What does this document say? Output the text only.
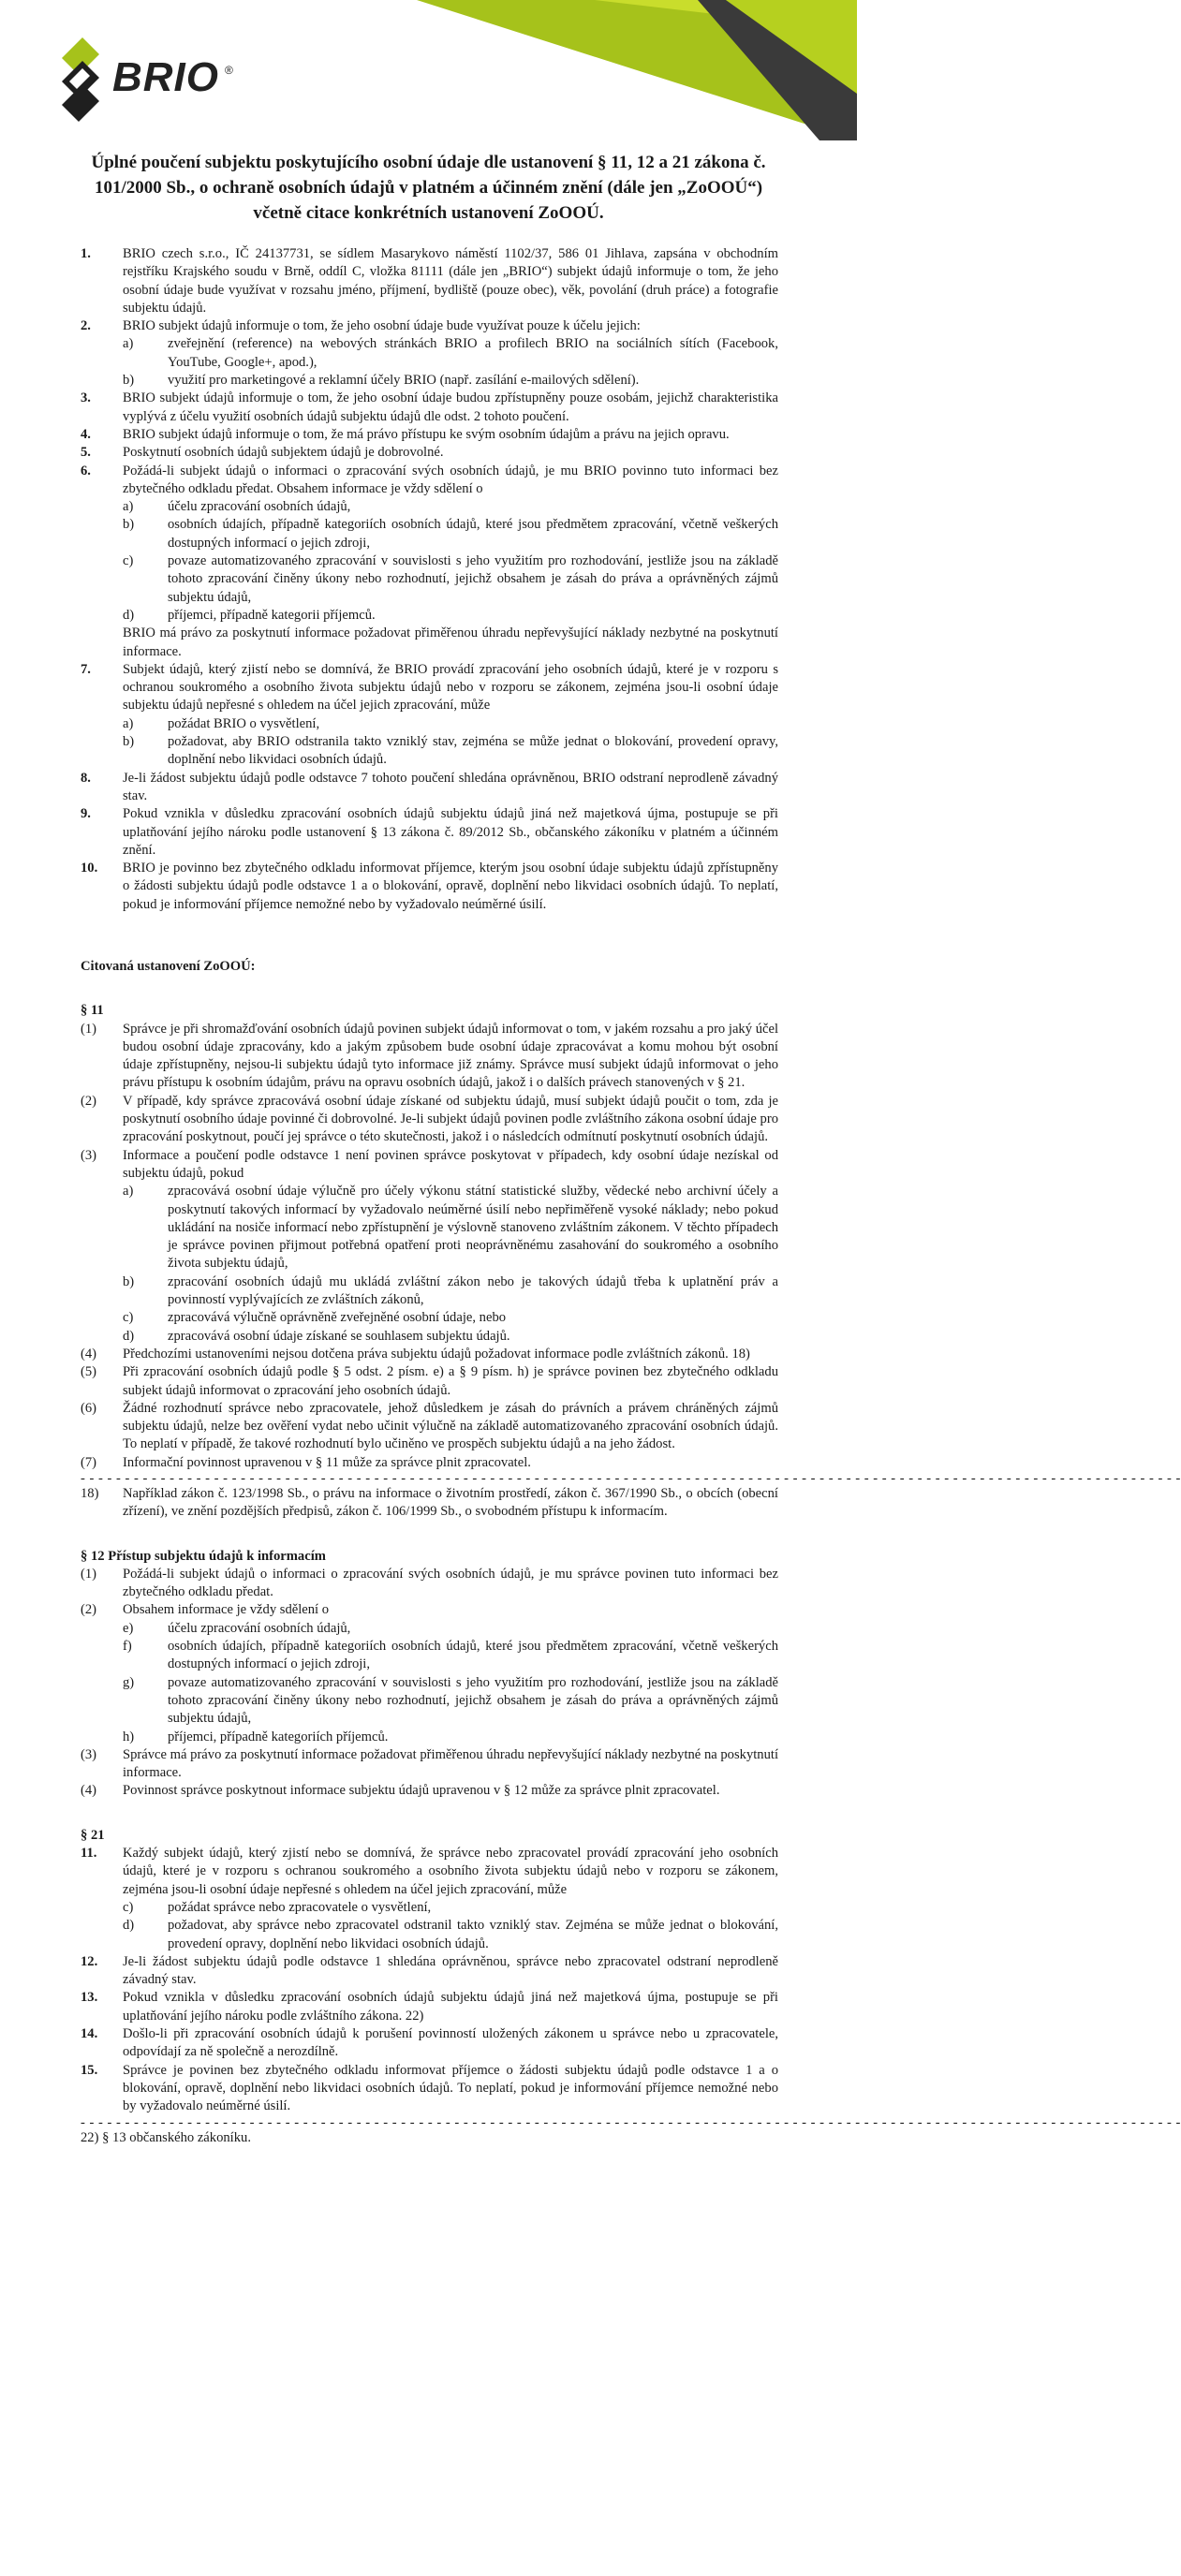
BRIO ®
Úplné poučení subjektu poskytujícího osobní údaje dle ustanovení § 11, 12 a 21 zákona č. 101/2000 Sb., o ochraně osobních údajů v platném a účinném znění (dále jen „ZoOOÚ“) včetně citace konkrétních ustanovení ZoOOÚ.
1. BRIO czech s.r.o., IČ 24137731, se sídlem Masarykovo náměstí 1102/37, 586 01 Jihlava, zapsána v obchodním rejstříku Krajského soudu v Brně, oddíl C, vložka 81111 (dále jen „BRIO“) subjekt údajů informuje o tom, že jeho osobní údaje bude využívat v rozsahu jméno, příjmení, bydliště (pouze obec), věk, povolání (druh práce) a fotografie subjektu údajů.
2. BRIO subjekt údajů informuje o tom, že jeho osobní údaje bude využívat pouze k účelu jejich:
a)	zveřejnění (reference) na webových stránkách BRIO a profilech BRIO na sociálních sítích (Facebook, YouTube, Google+, apod.),
b) využití pro marketingové a reklamní účely BRIO (např. zasílání e-mailových sdělení).
3. BRIO subjekt údajů informuje o tom, že jeho osobní údaje budou zpřístupněny pouze osobám, jejichž charakteristika vyplývá z účelu využití osobních údajů subjektu údajů dle odst. 2 tohoto poučení.
4. BRIO subjekt údajů informuje o tom, že má právo přístupu ke svým osobním údajům a právu na jejich opravu.
5. Poskytnutí osobních údajů subjektem údajů je dobrovolné.
6. Požádá-li subjekt údajů o informaci o zpracování svých osobních údajů, je mu BRIO povinno tuto informaci bez zbytečného odkladu předat. Obsahem informace je vždy sdělení o
a)	účelu zpracování osobních údajů,
b) osobních údajích, případně kategoriích osobních údajů, které jsou předmětem zpracování, včetně veškerých dostupných informací o jejich zdroji,
c)	povaze automatizovaného zpracování v souvislosti s jeho využitím pro rozhodování, jestliže jsou na základě tohoto zpracování činěny úkony nebo rozhodnutí, jejichž obsahem je zásah do práva a oprávněných zájmů subjektu údajů,
d) příjemci, případně kategorii příjemců.
BRIO má právo za poskytnutí informace požadovat přiměřenou úhradu nepřevyšující náklady nezbytné na poskytnutí informace.
7. Subjekt údajů, který zjistí nebo se domnívá, že BRIO provádí zpracování jeho osobních údajů, které je v rozporu s ochranou soukromého a osobního života subjektu údajů nebo v rozporu se zákonem, zejména jsou-li osobní údaje subjektu údajů nepřesné s ohledem na účel jejich zpracování, může
a)	požádat BRIO o vysvětlení,
b) požadovat, aby BRIO odstranila takto vzniklý stav, zejména se může jednat o blokování, provedení opravy, doplnění nebo likvidaci osobních údajů.
8. Je-li žádost subjektu údajů podle odstavce 7 tohoto poučení shledána oprávněnou, BRIO odstraní neprodleně závadný stav.
9. Pokud vznikla v důsledku zpracování osobních údajů subjektu údajů jiná než majetková újma, postupuje se při uplatňování jejího nároku podle ustanovení § 13 zákona č. 89/2012 Sb., občanského zákoníku v platném a účinném znění.
10. BRIO je povinno bez zbytečného odkladu informovat příjemce, kterým jsou osobní údaje subjektu údajů zpřístupněny o žádosti subjektu údajů podle odstavce 1 a o blokování, opravě, doplnění nebo likvidaci osobních údajů. To neplatí, pokud je informování příjemce nemožné nebo by vyžadovalo neúměrné úsilí.
Citovaná ustanovení ZoOOÚ:
§ 11
(1) Správce je při shromažďování osobních údajů povinen subjekt údajů informovat o tom, v jakém rozsahu a pro jaký účel budou osobní údaje zpracovány, kdo a jakým způsobem bude osobní údaje zpracovávat a komu mohou být osobní údaje zpřístupněny, nejsou-li subjektu údajů tyto informace již známy. Správce musí subjekt údajů informovat o jeho právu přístupu k osobním údajům, právu na opravu osobních údajů, jakož i o dalších právech stanovených v § 21.
(2) V případě, kdy správce zpracovává osobní údaje získané od subjektu údajů, musí subjekt údajů poučit o tom, zda je poskytnutí osobního údaje povinné či dobrovolné. Je-li subjekt údajů povinen podle zvláštního zákona osobní údaje pro zpracování poskytnout, poučí jej správce o této skutečnosti, jakož i o následcích odmítnutí poskytnutí osobních údajů.
(3) Informace a poučení podle odstavce 1 není povinen správce poskytovat v případech, kdy osobní údaje nezískal od subjektu údajů, pokud
a)	zpracovává osobní údaje výlučně pro účely výkonu státní statistické služby, vědecké nebo archivní účely a poskytnutí takových informací by vyžadovalo neúměrné úsilí nebo nepřiměřeně vysoké náklady; nebo pokud ukládání na nosiče informací nebo zpřístupnění je výslovně stanoveno zvláštním zákonem. V těchto případech je správce povinen přijmout potřebná opatření proti neoprávněnému zasahování do soukromého a osobního života subjektu údajů,
b) zpracování osobních údajů mu ukládá zvláštní zákon nebo je takových údajů třeba k uplatnění práv a povinností vyplývajících ze zvláštních zákonů,
c)	zpracovává výlučně oprávněně zveřejněné osobní údaje, nebo
d) zpracovává osobní údaje získané se souhlasem subjektu údajů.
(4) Předchozími ustanoveními nejsou dotčena práva subjektu údajů požadovat informace podle zvláštních zákonů. 18)
(5) Při zpracování osobních údajů podle § 5 odst. 2 písm. e) a § 9 písm. h) je správce povinen bez zbytečného odkladu subjekt údajů informovat o zpracování jeho osobních údajů.
(6) Žádné rozhodnutí správce nebo zpracovatele, jehož důsledkem je zásah do právních a právem chráněných zájmů subjektu údajů, nelze bez ověření vydat nebo učinit výlučně na základě automatizovaného zpracování osobních údajů. To neplatí v případě, že takové rozhodnutí bylo učiněno ve prospěch subjektu údajů a na jeho žádost.
(7) Informační povinnost upravenou v § 11 může za správce plnit zpracovatel.
- - - - - - - - - - - - - - - - - - - - - - - - - - - - - - - - - - - - - - - - - - - - - - - - - - - - - - - - - - - - - - - - - - - - - - - - - - - - - - - - - - - - - - - - - - - - - - - - - - - - - - - - - - - - - - - - - - - - - - - - - - - -
18) Například zákon č. 123/1998 Sb., o právu na informace o životním prostředí, zákon č. 367/1990 Sb., o obcích (obecní zřízení), ve znění pozdějších předpisů, zákon č. 106/1999 Sb., o svobodném přístupu k informacím.
§ 12 Přístup subjektu údajů k informacím
(1) Požádá-li subjekt údajů o informaci o zpracování svých osobních údajů, je mu správce povinen tuto informaci bez zbytečného odkladu předat.
(2) Obsahem informace je vždy sdělení o
e)	účelu zpracování osobních údajů,
f)	osobních údajích, případně kategoriích osobních údajů, které jsou předmětem zpracování, včetně veškerých dostupných informací o jejich zdroji,
g) povaze automatizovaného zpracování v souvislosti s jeho využitím pro rozhodování, jestliže jsou na základě tohoto zpracování činěny úkony nebo rozhodnutí, jejichž obsahem je zásah do práva a oprávněných zájmů subjektu údajů,
h) příjemci, případně kategoriích příjemců.
(3) Správce má právo za poskytnutí informace požadovat přiměřenou úhradu nepřevyšující náklady nezbytné na poskytnutí informace.
(4) Povinnost správce poskytnout informace subjektu údajů upravenou v § 12 může za správce plnit zpracovatel.
§ 21
11. Každý subjekt údajů, který zjistí nebo se domnívá, že správce nebo zpracovatel provádí zpracování jeho osobních údajů, které je v rozporu s ochranou soukromého a osobního života subjektu údajů nebo v rozporu se zákonem, zejména jsou-li osobní údaje nepřesné s ohledem na účel jejich zpracování, může
c)	požádat správce nebo zpracovatele o vysvětlení,
d) požadovat, aby správce nebo zpracovatel odstranil takto vzniklý stav. Zejména se může jednat o blokování, provedení opravy, doplnění nebo likvidaci osobních údajů.
12. Je-li žádost subjektu údajů podle odstavce 1 shledána oprávněnou, správce nebo zpracovatel odstraní neprodleně závadný stav.
13. Pokud vznikla v důsledku zpracování osobních údajů subjektu údajů jiná než majetková újma, postupuje se při uplatňování jejího nároku podle zvláštního zákona. 22)
14. Došlo-li při zpracování osobních údajů k porušení povinností uložených zákonem u správce nebo u zpracovatele, odpovídají za ně společně a nerozdílně.
15. Správce je povinen bez zbytečného odkladu informovat příjemce o žádosti subjektu údajů podle odstavce 1 a o blokování, opravě, doplnění nebo likvidaci osobních údajů. To neplatí, pokud je informování příjemce nemožné nebo by vyžadovalo neúměrné úsilí.
- - - - - - - - - - - - - - - - - - - - - - - - - - - - - - - - - - - - - - - - - - - - - - - - - - - - - - - - - - - - - - - - - - - - - - - - - - - - - - - - - - - - - - - - - - - - - - - - - - - - - - - - - - - - - - - - - - - - - - - - - - - -
22) § 13 občanského zákoníku.
